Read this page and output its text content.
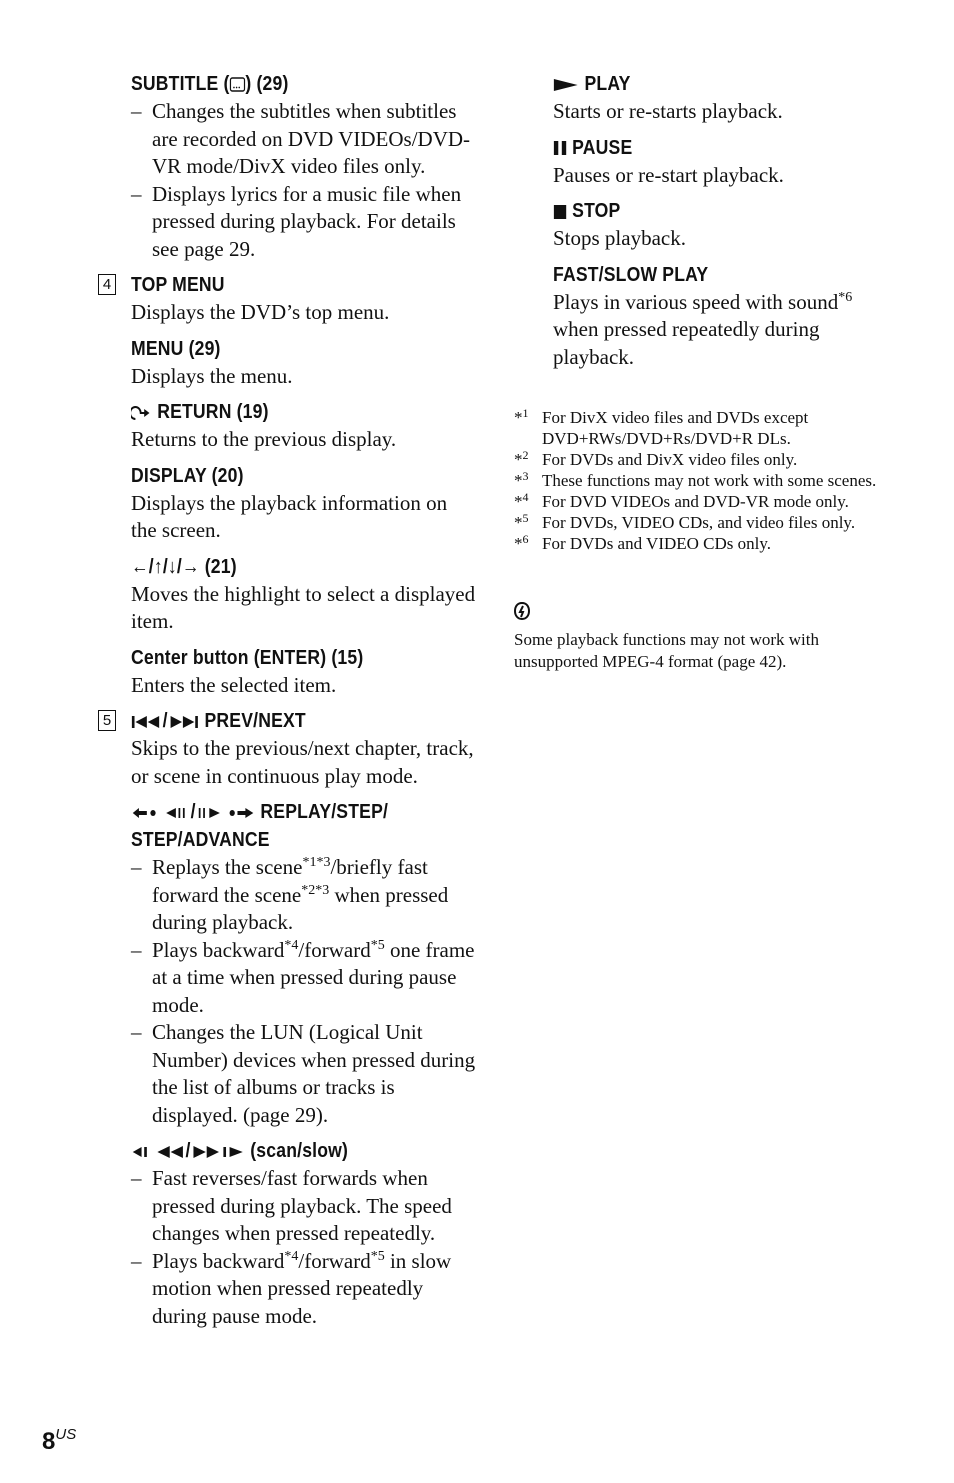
SUBTITLE ( ) (29)
– Changes the subtitles when subtitles are recorded on DVD VIDEOs/DVD-VR mode/DivX video files only.
– Displays lyrics for a music file when pressed during playback. For details see page 29.
4 TOP MENU
Displays the DVD’s top menu.
MENU (29)
Displays the menu.
RETURN (19)
Returns to the previous display.
DISPLAY (20)
Displays the playback information on the screen.
←/↑/↓/→ (21)
Moves the highlight to select a displayed item.
Center button (ENTER) (15)
Enters the selected item.
5	/ PREV/NEXT
Skips to the previous/next chapter, track, or scene in continuous play mode.
/	REPLAY/STEP/ STEP/ADVANCE
– Replays the scene$^{*1*3}$/briefly fast forward the scene$^{*2*3}$ when pressed during playback.
– Plays backward$^{*4}$/forward$^{*5}$ one frame at a time when pressed during pause mode.
– Changes the LUN (Logical Unit Number) devices when pressed during the list of albums or tracks is displayed. (page 29).
/	(scan/slow)
– Fast reverses/fast forwards when pressed during playback. The speed changes when pressed repeatedly.
– Plays backward$^{*4}$/forward$^{*5}$ in slow motion when pressed repeatedly during pause mode.
PLAY
Starts or re-starts playback.
PAUSE
Pauses or re-start playback.
STOP
Stops playback.
FAST/SLOW PLAY
Plays in various speed with sound$^{*6}$ when pressed repeatedly during playback.
*$^1$ For DivX video files and DVDs except DVD+RWs/DVD+Rs/DVD+R DLs.
*$^2$ For DVDs and DivX video files only.
*$^3$ These functions may not work with some scenes.
*$^4$ For DVD VIDEOs and DVD-VR mode only.
*$^5$ For DVDs, VIDEO CDs, and video files only.
*$^6$ For DVDs and VIDEO CDs only.
Some playback functions may not work with unsupported MPEG-4 format (page 42).
8US
